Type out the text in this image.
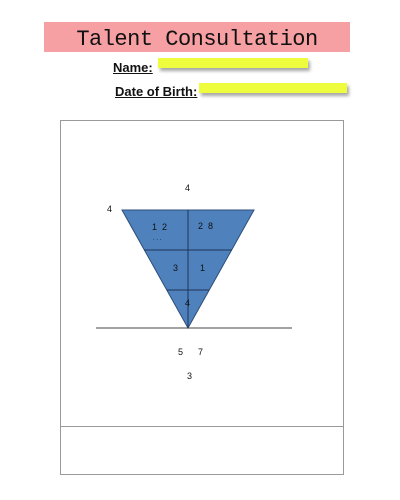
Talent Consultation
Name:
Date of Birth:
. . .
1  2	2  8
3 1
4
4
4
5 7
3
